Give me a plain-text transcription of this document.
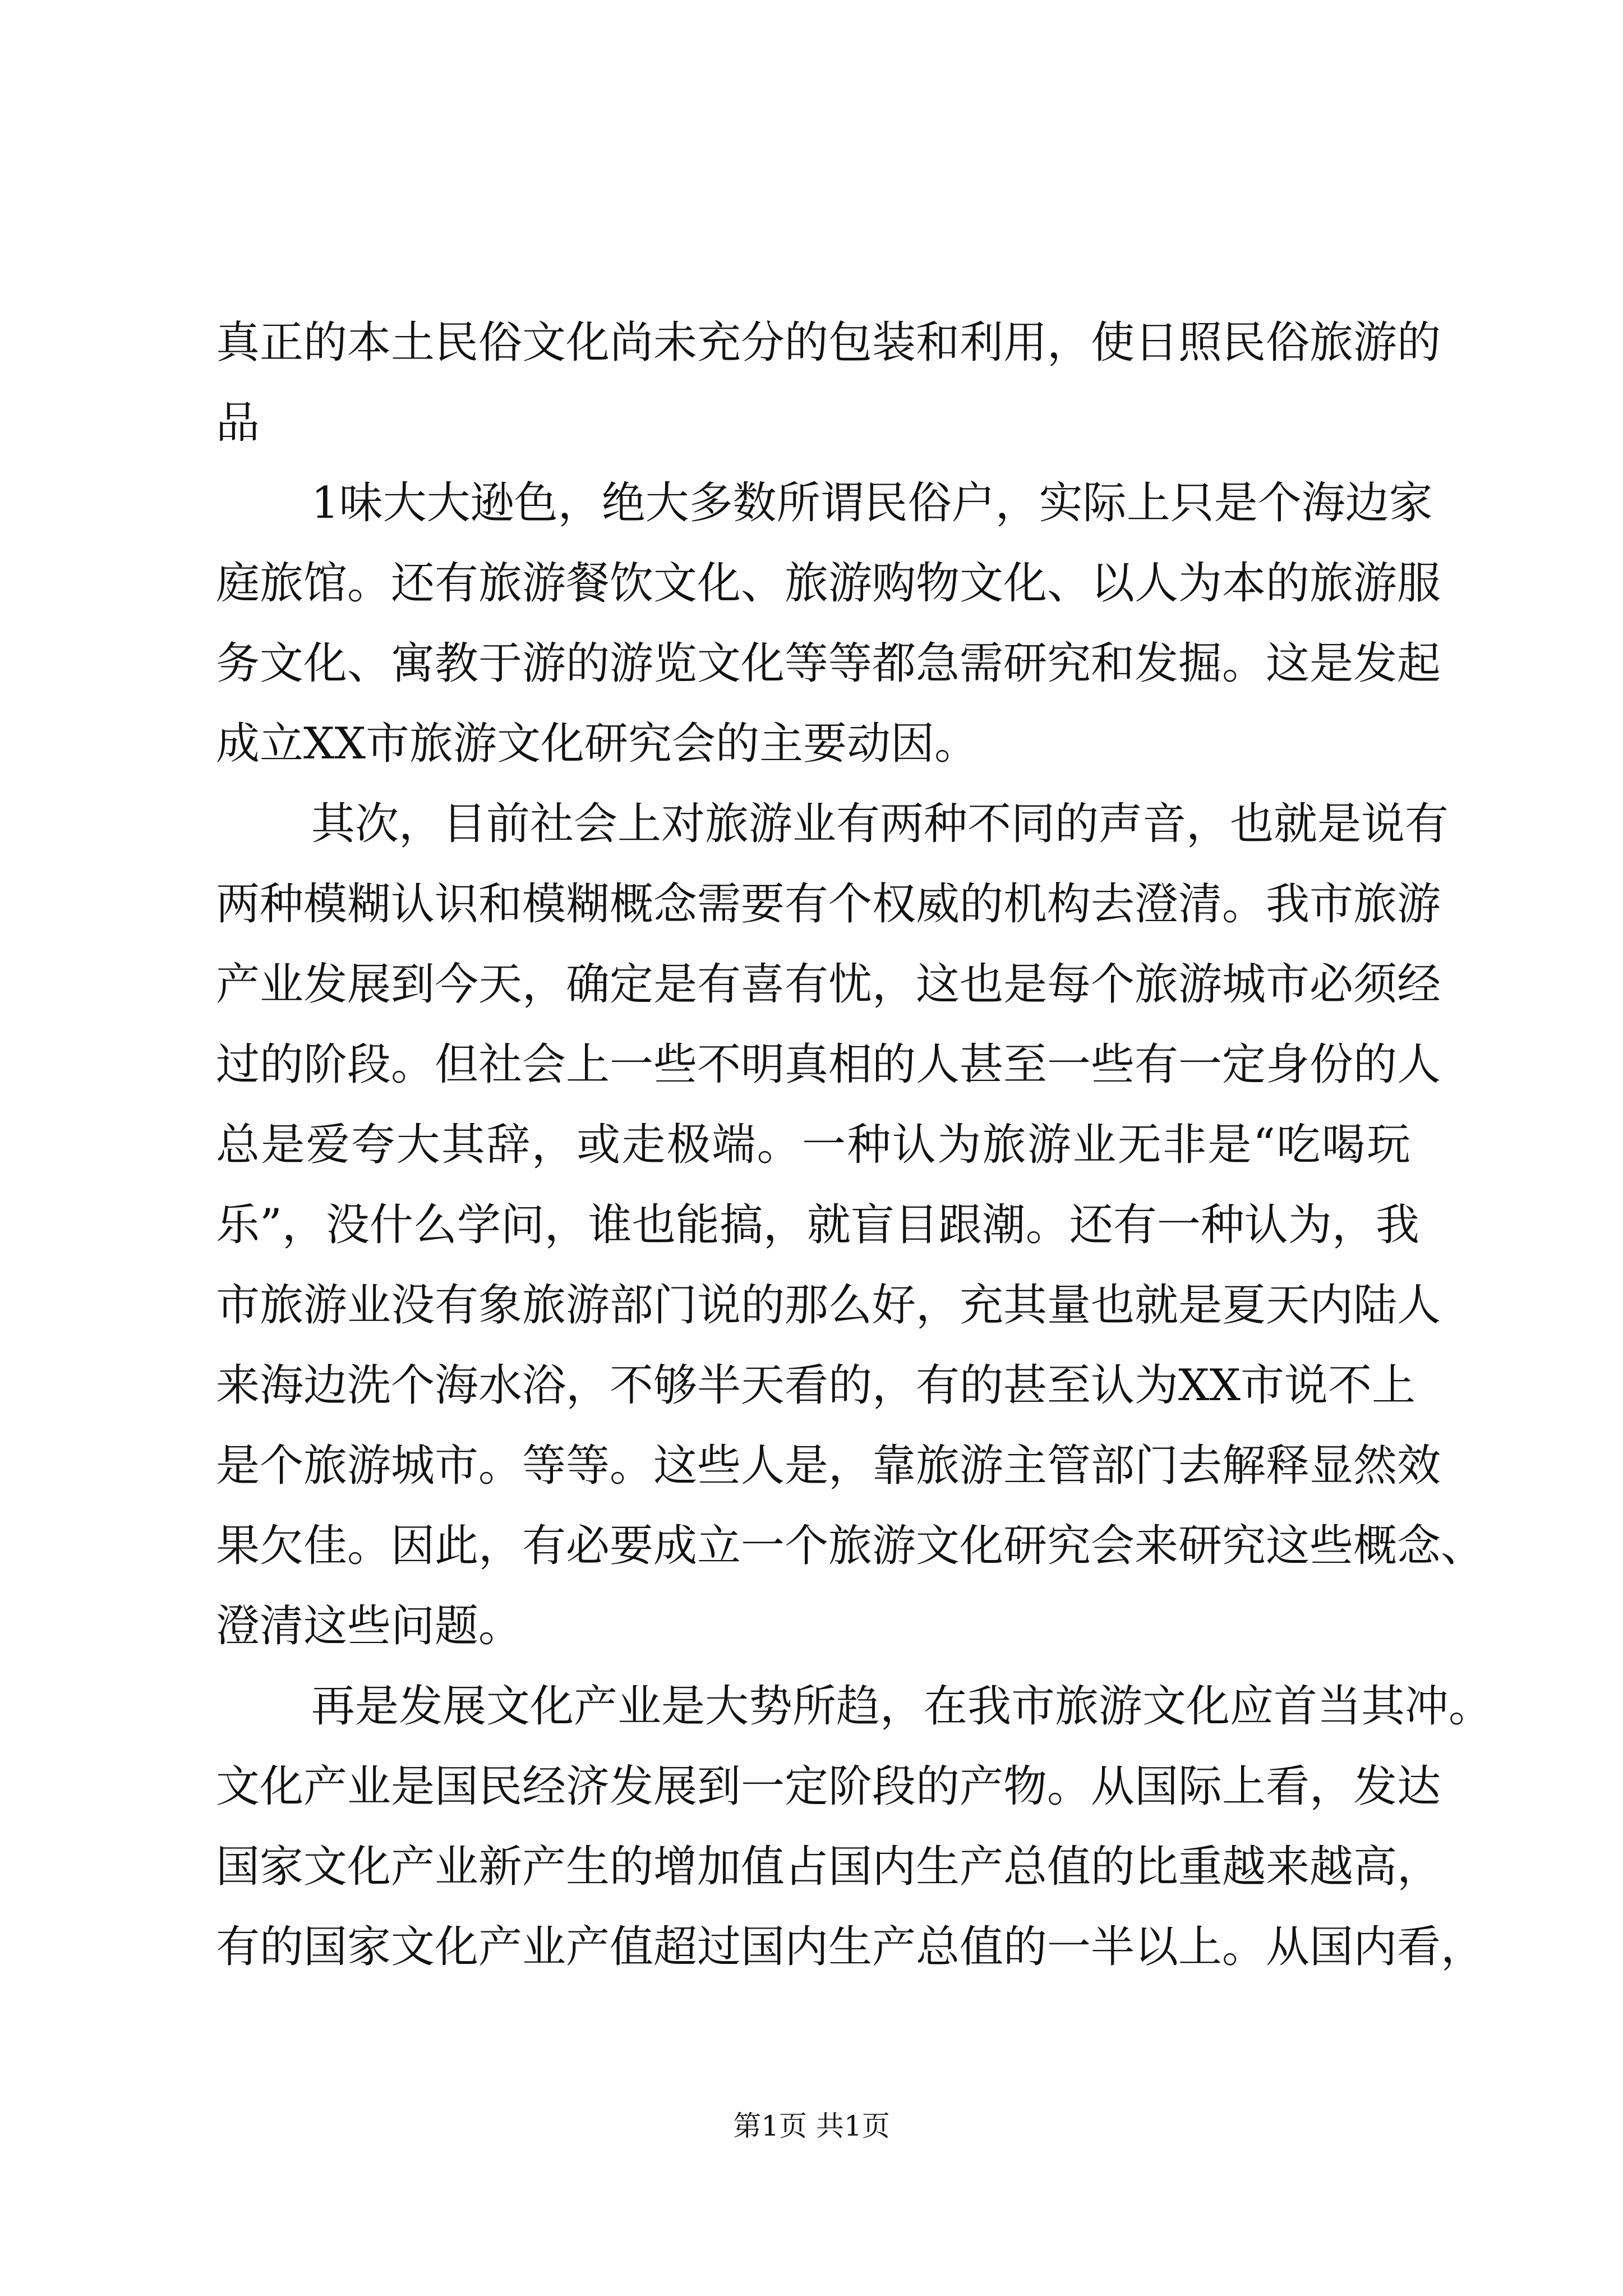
真正的本土民俗文化尚未充分的包装和利用，使日照民俗旅游的
品
1味大大逊色，绝大多数所谓民俗户，实际上只是个海边家
庭旅馆。还有旅游餐饮文化、旅游购物文化、以人为本的旅游服
务文化、寓教于游的游览文化等等都急需研究和发掘。这是发起
成立XX市旅游文化研究会的主要动因。
其次，目前社会上对旅游业有两种不同的声音，也就是说有
两种模糊认识和模糊概念需要有个权威的机构去澄清。我市旅游
产业发展到今天，确定是有喜有忧，这也是每个旅游城市必须经
过的阶段。但社会上一些不明真相的人甚至一些有一定身份的人
总是爱夸大其辞，或走极端。一种认为旅游业无非是“吃喝玩
乐”，没什么学问，谁也能搞，就盲目跟潮。还有一种认为，我
市旅游业没有象旅游部门说的那么好，充其量也就是夏天内陆人
来海边洗个海水浴，不够半天看的，有的甚至认为XX市说不上
是个旅游城市。等等。这些人是，靠旅游主管部门去解释显然效
果欠佳。因此，有必要成立一个旅游文化研究会来研究这些概念、
澄清这些问题。
再是发展文化产业是大势所趋，在我市旅游文化应首当其冲。
文化产业是国民经济发展到一定阶段的产物。从国际上看，发达
国家文化产业新产生的增加值占国内生产总值的比重越来越高，
有的国家文化产业产值超过国内生产总值的一半以上。从国内看，
第1页 共1页
